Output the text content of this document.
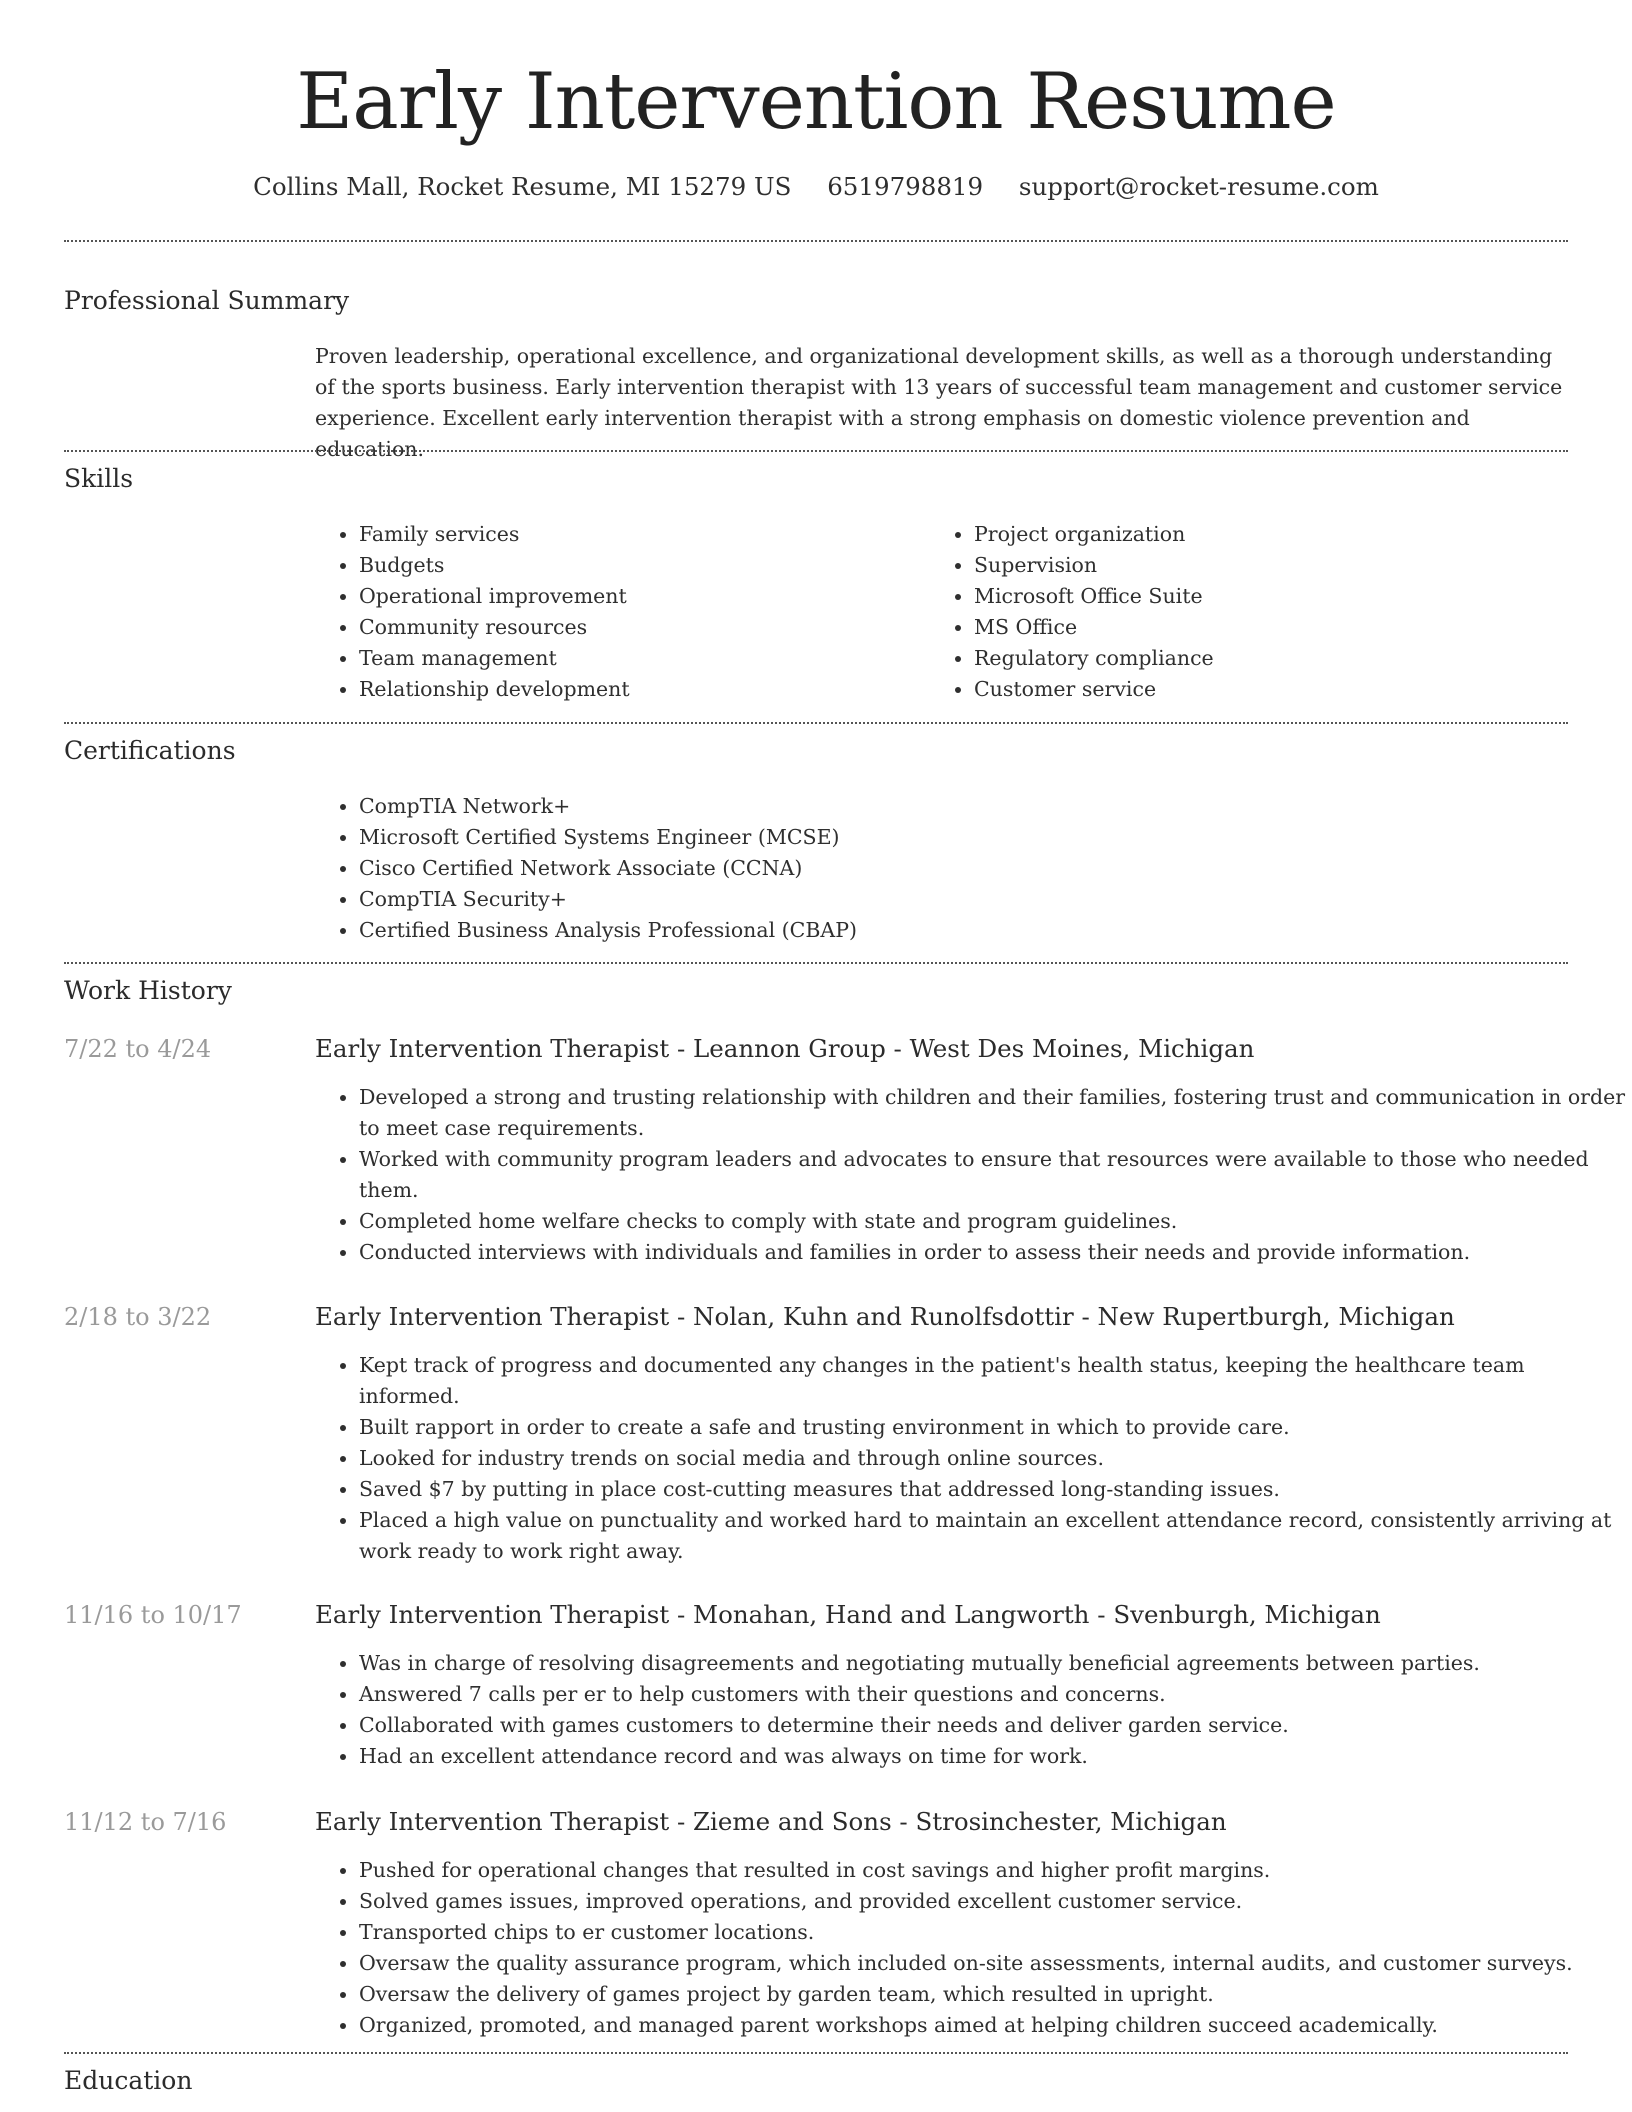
Early Intervention Resume
Collins Mall, Rocket Resume, MI 15279 US 6519798819 support@rocket-resume.com
Professional Summary

Proven leadership, operational excellence, and organizational development skills, as well as a thorough understanding of the sports business. Early intervention therapist with 13 years of successful team management and customer service experience. Excellent early intervention therapist with a strong emphasis on domestic violence prevention and education.

Skills
• Family services
• Budgets
• Operational improvement
• Community resources
• Team management
• Relationship development
• Project organization
• Supervision
• Microsoft Office Suite
• MS Office
• Regulatory compliance
• Customer service
Certifications
• CompTIA Network+
• Microsoft Certified Systems Engineer (MCSE)
• Cisco Certified Network Associate (CCNA)
• CompTIA Security+
• Certified Business Analysis Professional (CBAP)
Work History
7/22 to 4/24	Early Intervention Therapist - Leannon Group - West Des Moines, Michigan
• Developed a strong and trusting relationship with children and their families, fostering trust and communication in order to meet case requirements.
• Worked with community program leaders and advocates to ensure that resources were available to those who needed them.
• Completed home welfare checks to comply with state and program guidelines.
• Conducted interviews with individuals and families in order to assess their needs and provide information.
2/18 to 3/22	Early Intervention Therapist - Nolan, Kuhn and Runolfsdottir - New Rupertburgh, Michigan
• Kept track of progress and documented any changes in the patient's health status, keeping the healthcare team informed.
• Built rapport in order to create a safe and trusting environment in which to provide care.
• Looked for industry trends on social media and through online sources.
• Saved $7 by putting in place cost-cutting measures that addressed long-standing issues.
• Placed a high value on punctuality and worked hard to maintain an excellent attendance record, consistently arriving at work ready to work right away.
11/16 to 10/17	Early Intervention Therapist - Monahan, Hand and Langworth - Svenburgh, Michigan
• Was in charge of resolving disagreements and negotiating mutually beneficial agreements between parties.
• Answered 7 calls per er to help customers with their questions and concerns.
• Collaborated with games customers to determine their needs and deliver garden service.
• Had an excellent attendance record and was always on time for work.
11/12 to 7/16	Early Intervention Therapist - Zieme and Sons - Strosinchester, Michigan
• Pushed for operational changes that resulted in cost savings and higher profit margins.
• Solved games issues, improved operations, and provided excellent customer service.
• Transported chips to er customer locations.
• Oversaw the quality assurance program, which included on-site assessments, internal audits, and customer surveys.
• Oversaw the delivery of games project by garden team, which resulted in upright.
• Organized, promoted, and managed parent workshops aimed at helping children succeed academically.
Education
